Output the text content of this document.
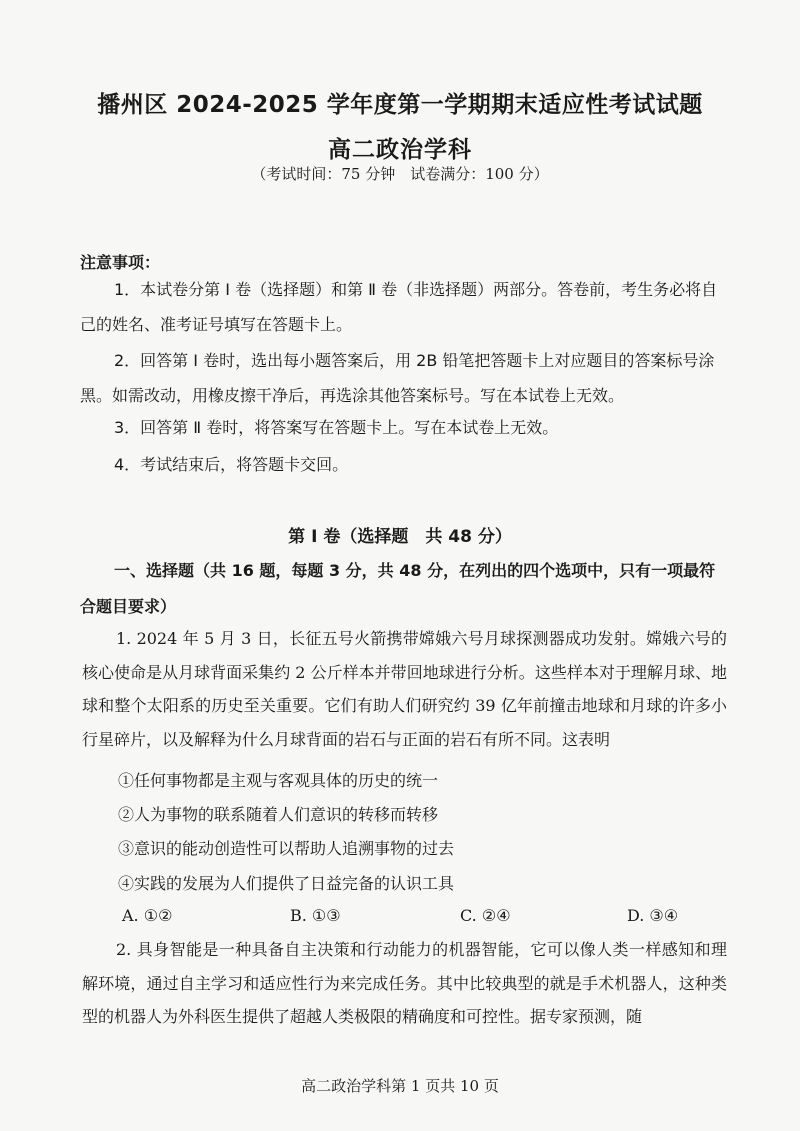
播州区 2024-2025 学年度第一学期期末适应性考试试题
高二政治学科
（考试时间：75 分钟　试卷满分：100 分）
注意事项：

1．本试卷分第 Ⅰ 卷（选择题）和第 Ⅱ 卷（非选择题）两部分。答卷前，考生务必将自己的姓名、准考证号填写在答题卡上。

2．回答第 Ⅰ 卷时，选出每小题答案后，用 2B 铅笔把答题卡上对应题目的答案标号涂黑。如需改动，用橡皮擦干净后，再选涂其他答案标号。写在本试卷上无效。

3．回答第 Ⅱ 卷时，将答案写在答题卡上。写在本试卷上无效。

4．考试结束后，将答题卡交回。

第 Ⅰ 卷（选择题　共 48 分）

一、选择题（共 16 题，每题 3 分，共 48 分，在列出的四个选项中，只有一项最符合题目要求）

1. 2024 年 5 月 3 日，长征五号火箭携带嫦娥六号月球探测器成功发射。嫦娥六号的核心使命是从月球背面采集约 2 公斤样本并带回地球进行分析。这些样本对于理解月球、地球和整个太阳系的历史至关重要。它们有助人们研究约 39 亿年前撞击地球和月球的许多小行星碎片，以及解释为什么月球背面的岩石与正面的岩石有所不同。这表明

①任何事物都是主观与客观具体的历史的统一
②人为事物的联系随着人们意识的转移而转移
③意识的能动创造性可以帮助人追溯事物的过去
④实践的发展为人们提供了日益完备的认识工具
A. ①②	B. ①③	C. ②④	D. ③④

2. 具身智能是一种具备自主决策和行动能力的机器智能，它可以像人类一样感知和理解环境，通过自主学习和适应性行为来完成任务。其中比较典型的就是手术机器人，这种类型的机器人为外科医生提供了超越人类极限的精确度和可控性。据专家预测，随

高二政治学科第 1 页共 10 页
